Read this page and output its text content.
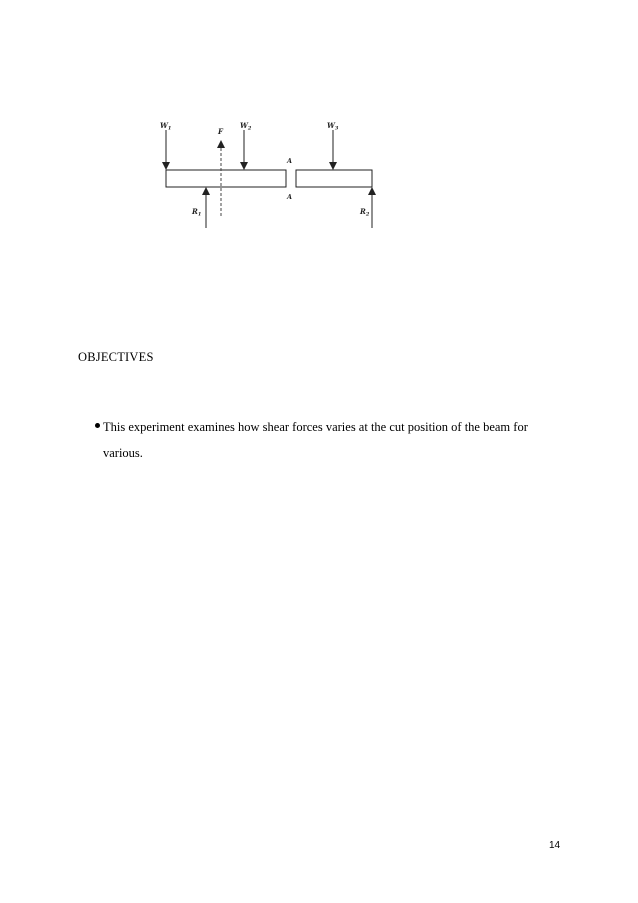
$W_1$	F
$W_2$
A
$W_3$
A
$R_1$	$R_2$
OBJECTIVES
This experiment examines how shear forces varies at the cut position of the beam for various.
14
